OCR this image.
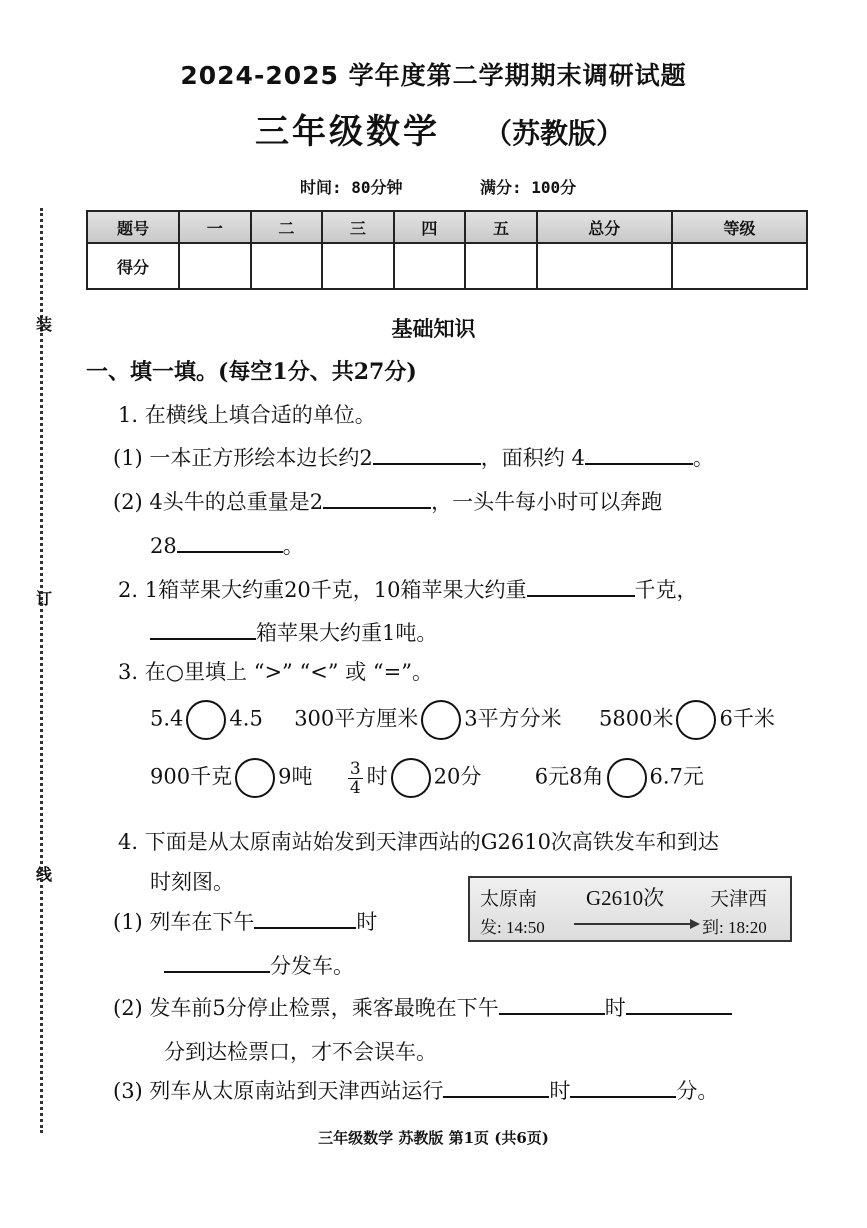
装
订
线
2024-2025 学年度第二学期期末调研试题
三年级数学 （苏教版）
时间: 80分钟	满分: 100分
题号	一	二	三	四	五	总分	等级
得分							
基础知识
一、填一填。(每空1分、共27分)
1. 在横线上填合适的单位。
(1) 一本正方形绘本边长约2	，面积约 4	。
(2) 4头牛的总重量是2	，一头牛每小时可以奔跑
28	。
2. 1箱苹果大约重20千克，10箱苹果大约重	千克，
箱苹果大约重1吨。
3. 在○里填上 “>” “<” 或 “=”。
5.4 4.5 300平方厘米 3平方分米 5800米 6千米
900千克 9吨 $\frac{3}{4}$ 时 20分	6元8角 6.7元
4. 下面是从太原南站始发到天津西站的G2610次高铁发车和到达
时刻图。
太原南 G2610次 天津西
发: 14:50	到: 18:20
(1) 列车在下午	时
分发车。
(2) 发车前5分停止检票，乘客最晚在下午	时
分到达检票口，才不会误车。
(3) 列车从太原南站到天津西站运行	时	分。
三年级数学 苏教版 第1页 (共6页)
